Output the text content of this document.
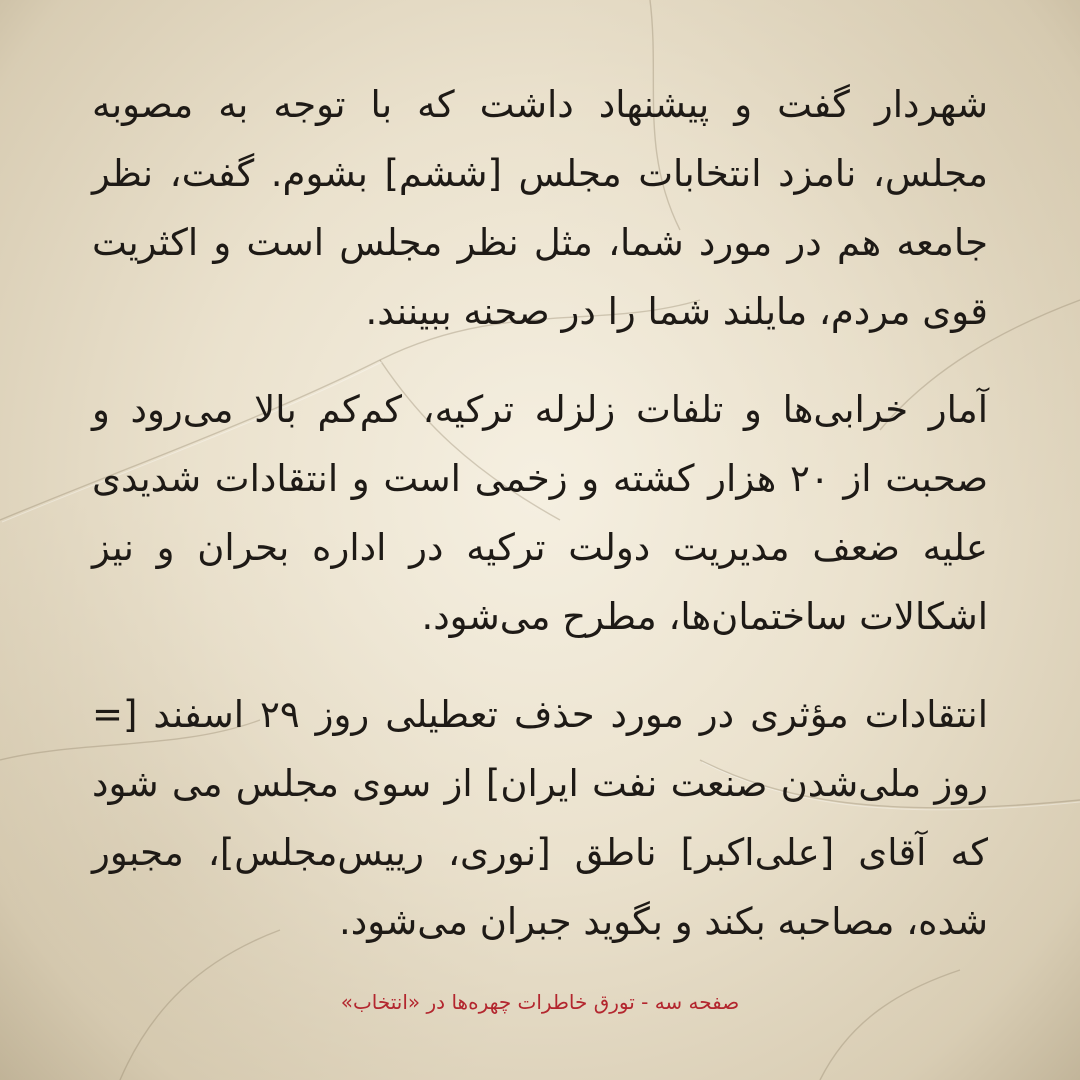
شهردار گفت و پیشنهاد داشت که با توجه به مصوبه مجلس، نامزد انتخابات مجلس [ششم] بشوم. گفت، نظر جامعه هم در مورد شما، مثل نظر مجلس است و اکثریت قوی مردم، مایلند شما را در صحنه ببینند.

آمار خرابی‌ها و تلفات زلزله ترکیه، کم‌کم بالا می‌رود و صحبت از ۲۰ هزار کشته و زخمی است و انتقادات شدیدی علیه ضعف مدیریت دولت ترکیه در اداره بحران و نیز اشکالات ساختمان‌ها، مطرح می‌شود.

انتقادات مؤثری در مورد حذف تعطیلی روز ۲۹ اسفند [= روز ملی‌شدن صنعت نفت ایران] از سوی مجلس می شود که آقای [علی‌اکبر] ناطق [نوری، رییس‌مجلس]، مجبور شده، مصاحبه بکند و بگوید جبران می‌شود.

صفحه سه - تورق خاطرات چهره‌ها در «انتخاب»
